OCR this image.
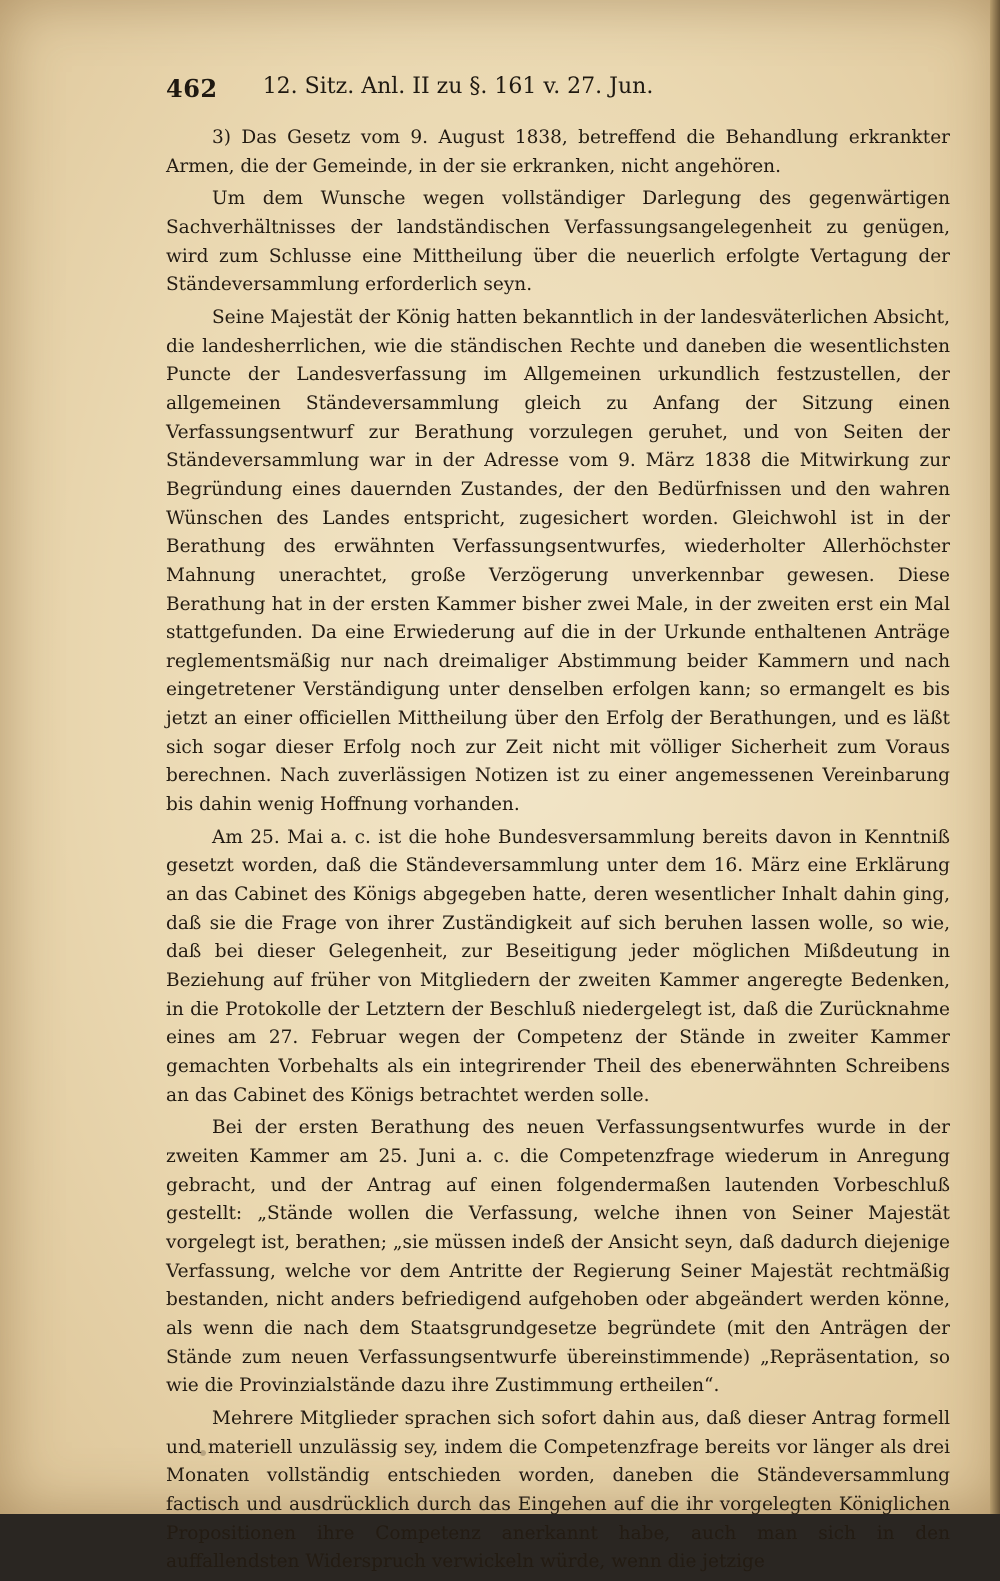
462	12. Sitz. Anl. II zu §. 161 v. 27. Jun.

3) Das Gesetz vom 9. August 1838, betreffend die Behandlung erkrankter Armen, die der Gemeinde, in der sie erkranken, nicht angehören.

Um dem Wunsche wegen vollständiger Darlegung des gegenwärtigen Sachverhältnisses der landständischen Verfassungsangelegenheit zu genügen, wird zum Schlusse eine Mittheilung über die neuerlich erfolgte Vertagung der Ständeversammlung erforderlich seyn.

Seine Majestät der König hatten bekanntlich in der landesväterlichen Absicht, die landesherrlichen, wie die ständischen Rechte und daneben die wesentlichsten Puncte der Landesverfassung im Allgemeinen urkundlich festzustellen, der allgemeinen Ständeversammlung gleich zu Anfang der Sitzung einen Verfassungsentwurf zur Berathung vorzulegen geruhet, und von Seiten der Ständeversammlung war in der Adresse vom 9. März 1838 die Mitwirkung zur Begründung eines dauernden Zustandes, der den Bedürfnissen und den wahren Wünschen des Landes entspricht, zugesichert worden. Gleichwohl ist in der Berathung des erwähnten Verfassungsentwurfes, wiederholter Allerhöchster Mahnung unerachtet, große Verzögerung unverkennbar gewesen. Diese Berathung hat in der ersten Kammer bisher zwei Male, in der zweiten erst ein Mal stattgefunden. Da eine Erwiederung auf die in der Urkunde enthaltenen Anträge reglementsmäßig nur nach dreimaliger Abstimmung beider Kammern und nach eingetretener Verständigung unter denselben erfolgen kann; so ermangelt es bis jetzt an einer officiellen Mittheilung über den Erfolg der Berathungen, und es läßt sich sogar dieser Erfolg noch zur Zeit nicht mit völliger Sicherheit zum Voraus berechnen. Nach zuverlässigen Notizen ist zu einer angemessenen Vereinbarung bis dahin wenig Hoffnung vorhanden.

Am 25. Mai a. c. ist die hohe Bundesversammlung bereits davon in Kenntniß gesetzt worden, daß die Ständeversammlung unter dem 16. März eine Erklärung an das Cabinet des Königs abgegeben hatte, deren wesentlicher Inhalt dahin ging, daß sie die Frage von ihrer Zuständigkeit auf sich beruhen lassen wolle, so wie, daß bei dieser Gelegenheit, zur Beseitigung jeder möglichen Mißdeutung in Beziehung auf früher von Mitgliedern der zweiten Kammer angeregte Bedenken, in die Protokolle der Letztern der Beschluß niedergelegt ist, daß die Zurücknahme eines am 27. Februar wegen der Competenz der Stände in zweiter Kammer gemachten Vorbehalts als ein integrirender Theil des ebenerwähnten Schreibens an das Cabinet des Königs betrachtet werden solle.

Bei der ersten Berathung des neuen Verfassungsentwurfes wurde in der zweiten Kammer am 25. Juni a. c. die Competenzfrage wiederum in Anregung gebracht, und der Antrag auf einen folgendermaßen lautenden Vorbeschluß gestellt: „Stände wollen die Verfassung, welche ihnen von Seiner Majestät vorgelegt ist, berathen; „sie müssen indeß der Ansicht seyn, daß dadurch diejenige Verfassung, welche vor dem Antritte der Regierung Seiner Majestät rechtmäßig bestanden, nicht anders befriedigend aufgehoben oder abgeändert werden könne, als wenn die nach dem Staatsgrundgesetze begründete (mit den Anträgen der Stände zum neuen Verfassungsentwurfe übereinstimmende) „Repräsentation, so wie die Provinzialstände dazu ihre Zustimmung ertheilen“.

Mehrere Mitglieder sprachen sich sofort dahin aus, daß dieser Antrag formell und materiell unzulässig sey, indem die Competenzfrage bereits vor länger als drei Monaten vollständig entschieden worden, daneben die Ständeversammlung factisch und ausdrücklich durch das Eingehen auf die ihr vorgelegten Königlichen Propositionen ihre Competenz anerkannt habe, auch man sich in den auffallendsten Widerspruch verwickeln würde, wenn die jetzige
